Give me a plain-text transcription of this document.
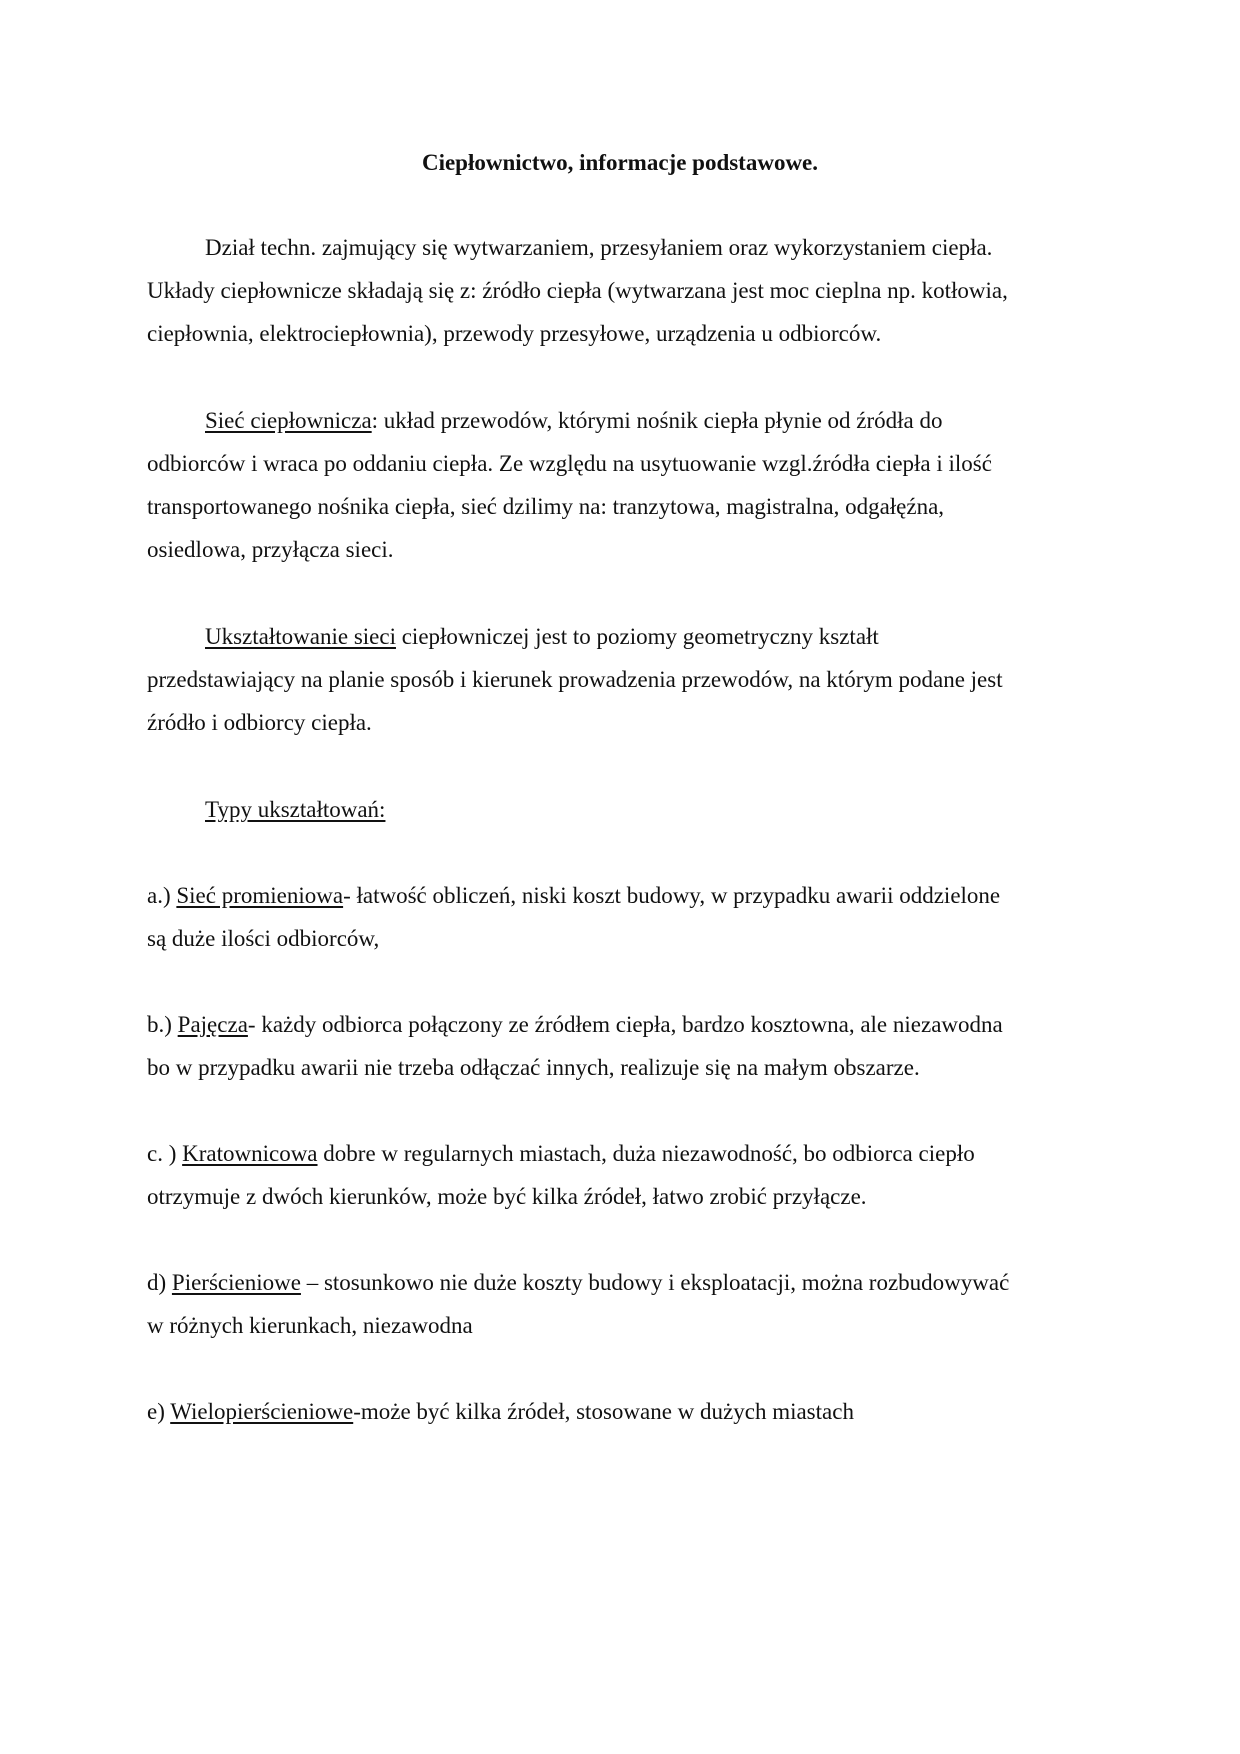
Ciepłownictwo, informacje podstawowe.
Dział techn. zajmujący się wytwarzaniem, przesyłaniem oraz wykorzystaniem ciepła.
Układy ciepłownicze składają się z: źródło ciepła (wytwarzana jest moc cieplna np. kotłowia,
ciepłownia, elektrociepłownia), przewody przesyłowe, urządzenia u odbiorców.
Sieć ciepłownicza: układ przewodów, którymi nośnik ciepła płynie od źródła do
odbiorców i wraca po oddaniu ciepła. Ze względu na usytuowanie wzgl.źródła ciepła i ilość
transportowanego nośnika ciepła, sieć dzilimy na: tranzytowa, magistralna, odgałęźna,
osiedlowa, przyłącza sieci.
Ukształtowanie sieci ciepłowniczej jest to poziomy geometryczny kształt
przedstawiający na planie sposób i kierunek prowadzenia przewodów, na którym podane jest
źródło i odbiorcy ciepła.
Typy ukształtowań:
a.) Sieć promieniowa- łatwość obliczeń, niski koszt budowy, w przypadku awarii oddzielone
są duże ilości odbiorców,
b.) Pajęcza- każdy odbiorca połączony ze źródłem ciepła, bardzo kosztowna, ale niezawodna
bo w przypadku awarii nie trzeba odłączać innych, realizuje się na małym obszarze.
c. ) Kratownicowa dobre w regularnych miastach, duża niezawodność, bo odbiorca ciepło
otrzymuje z dwóch kierunków, może być kilka źródeł, łatwo zrobić przyłącze.
d) Pierścieniowe – stosunkowo nie duże koszty budowy i eksploatacji, można rozbudowywać
w różnych kierunkach, niezawodna
e) Wielopierścieniowe-może być kilka źródeł, stosowane w dużych miastach
